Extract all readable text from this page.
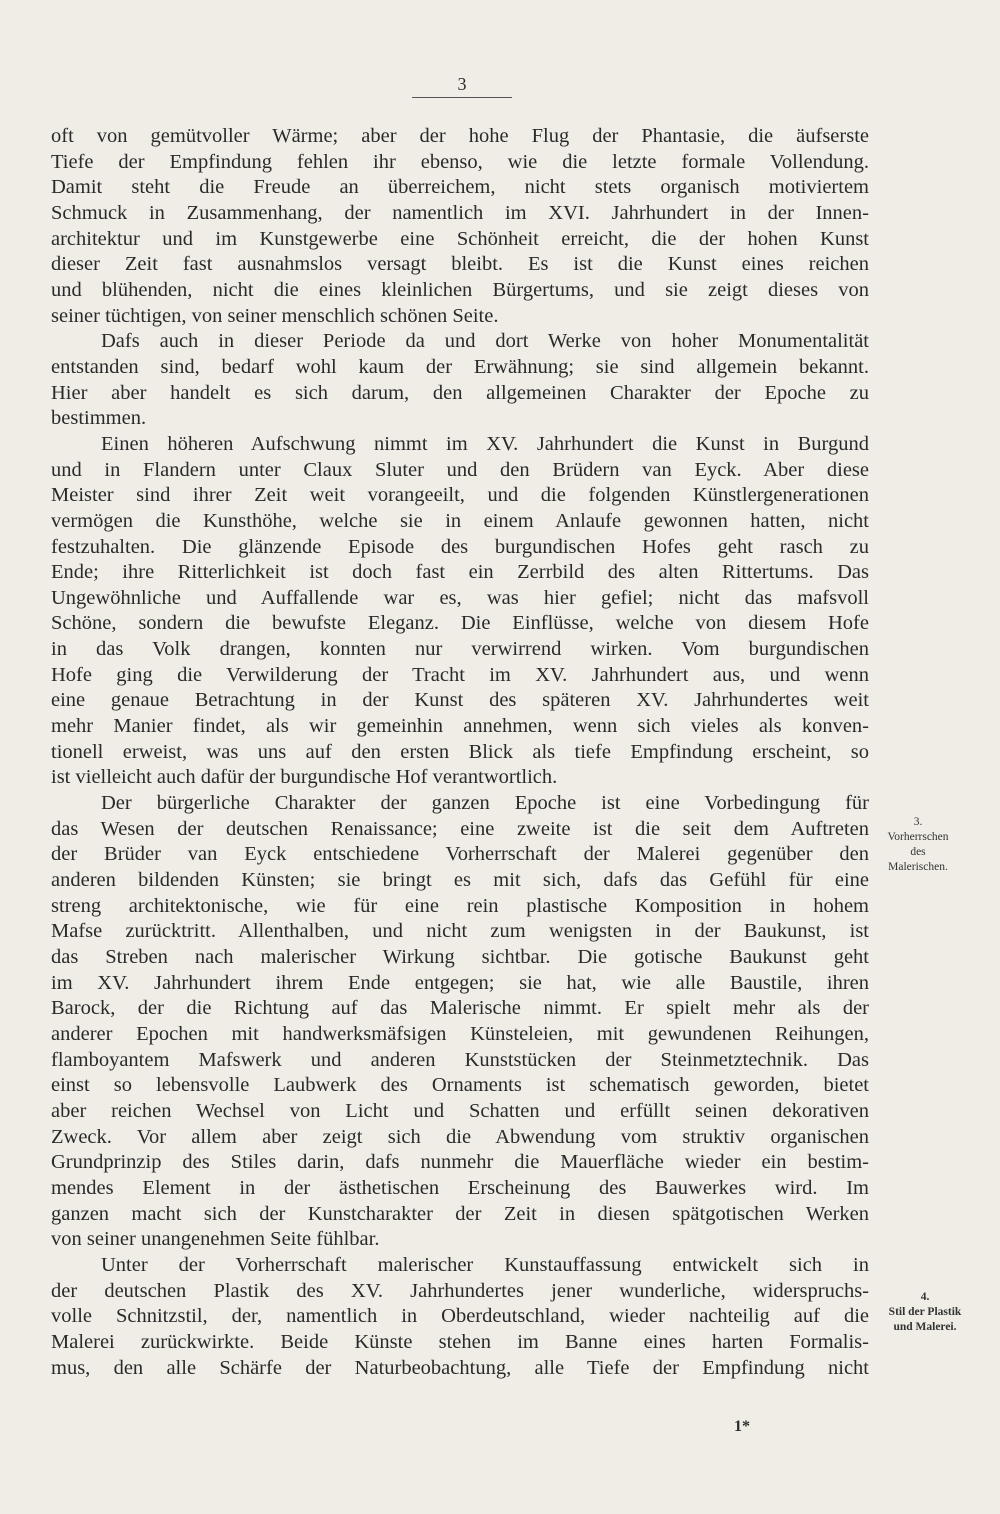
3
oft von gemütvoller Wärme; aber der hohe Flug der Phantasie, die äufserste
Tiefe der Empfindung fehlen ihr ebenso, wie die letzte formale Vollendung.
Damit steht die Freude an überreichem, nicht stets organisch motiviertem
Schmuck in Zusammenhang, der namentlich im XVI. Jahrhundert in der Innen-
architektur und im Kunstgewerbe eine Schönheit erreicht, die der hohen Kunst
dieser Zeit fast ausnahmslos versagt bleibt. Es ist die Kunst eines reichen
und blühenden, nicht die eines kleinlichen Bürgertums, und sie zeigt dieses von
seiner tüchtigen, von seiner menschlich schönen Seite.
Dafs auch in dieser Periode da und dort Werke von hoher Monumentalität
entstanden sind, bedarf wohl kaum der Erwähnung; sie sind allgemein bekannt.
Hier aber handelt es sich darum, den allgemeinen Charakter der Epoche zu
bestimmen.
Einen höheren Aufschwung nimmt im XV. Jahrhundert die Kunst in Burgund
und in Flandern unter Claux Sluter und den Brüdern van Eyck. Aber diese
Meister sind ihrer Zeit weit vorangeeilt, und die folgenden Künstlergenerationen
vermögen die Kunsthöhe, welche sie in einem Anlaufe gewonnen hatten, nicht
festzuhalten. Die glänzende Episode des burgundischen Hofes geht rasch zu
Ende; ihre Ritterlichkeit ist doch fast ein Zerrbild des alten Rittertums. Das
Ungewöhnliche und Auffallende war es, was hier gefiel; nicht das mafsvoll
Schöne, sondern die bewufste Eleganz. Die Einflüsse, welche von diesem Hofe
in das Volk drangen, konnten nur verwirrend wirken. Vom burgundischen
Hofe ging die Verwilderung der Tracht im XV. Jahrhundert aus, und wenn
eine genaue Betrachtung in der Kunst des späteren XV. Jahrhundertes weit
mehr Manier findet, als wir gemeinhin annehmen, wenn sich vieles als konven-
tionell erweist, was uns auf den ersten Blick als tiefe Empfindung erscheint, so
ist vielleicht auch dafür der burgundische Hof verantwortlich.
Der bürgerliche Charakter der ganzen Epoche ist eine Vorbedingung für
das Wesen der deutschen Renaissance; eine zweite ist die seit dem Auftreten
der Brüder van Eyck entschiedene Vorherrschaft der Malerei gegenüber den
anderen bildenden Künsten; sie bringt es mit sich, dafs das Gefühl für eine
streng architektonische, wie für eine rein plastische Komposition in hohem
Mafse zurücktritt. Allenthalben, und nicht zum wenigsten in der Baukunst, ist
das Streben nach malerischer Wirkung sichtbar. Die gotische Baukunst geht
im XV. Jahrhundert ihrem Ende entgegen; sie hat, wie alle Baustile, ihren
Barock, der die Richtung auf das Malerische nimmt. Er spielt mehr als der
anderer Epochen mit handwerksmäfsigen Künsteleien, mit gewundenen Reihungen,
flamboyantem Mafswerk und anderen Kunststücken der Steinmetztechnik. Das
einst so lebensvolle Laubwerk des Ornaments ist schematisch geworden, bietet
aber reichen Wechsel von Licht und Schatten und erfüllt seinen dekorativen
Zweck. Vor allem aber zeigt sich die Abwendung vom struktiv organischen
Grundprinzip des Stiles darin, dafs nunmehr die Mauerfläche wieder ein bestim-
mendes Element in der ästhetischen Erscheinung des Bauwerkes wird. Im
ganzen macht sich der Kunstcharakter der Zeit in diesen spätgotischen Werken
von seiner unangenehmen Seite fühlbar.
Unter der Vorherrschaft malerischer Kunstauffassung entwickelt sich in
der deutschen Plastik des XV. Jahrhundertes jener wunderliche, widerspruchs-
volle Schnitzstil, der, namentlich in Oberdeutschland, wieder nachteilig auf die
Malerei zurückwirkte. Beide Künste stehen im Banne eines harten Formalis-
mus, den alle Schärfe der Naturbeobachtung, alle Tiefe der Empfindung nicht
3.
Vorherrschen
des
Malerischen.
4.
Stil der Plastik
und Malerei.
1*
